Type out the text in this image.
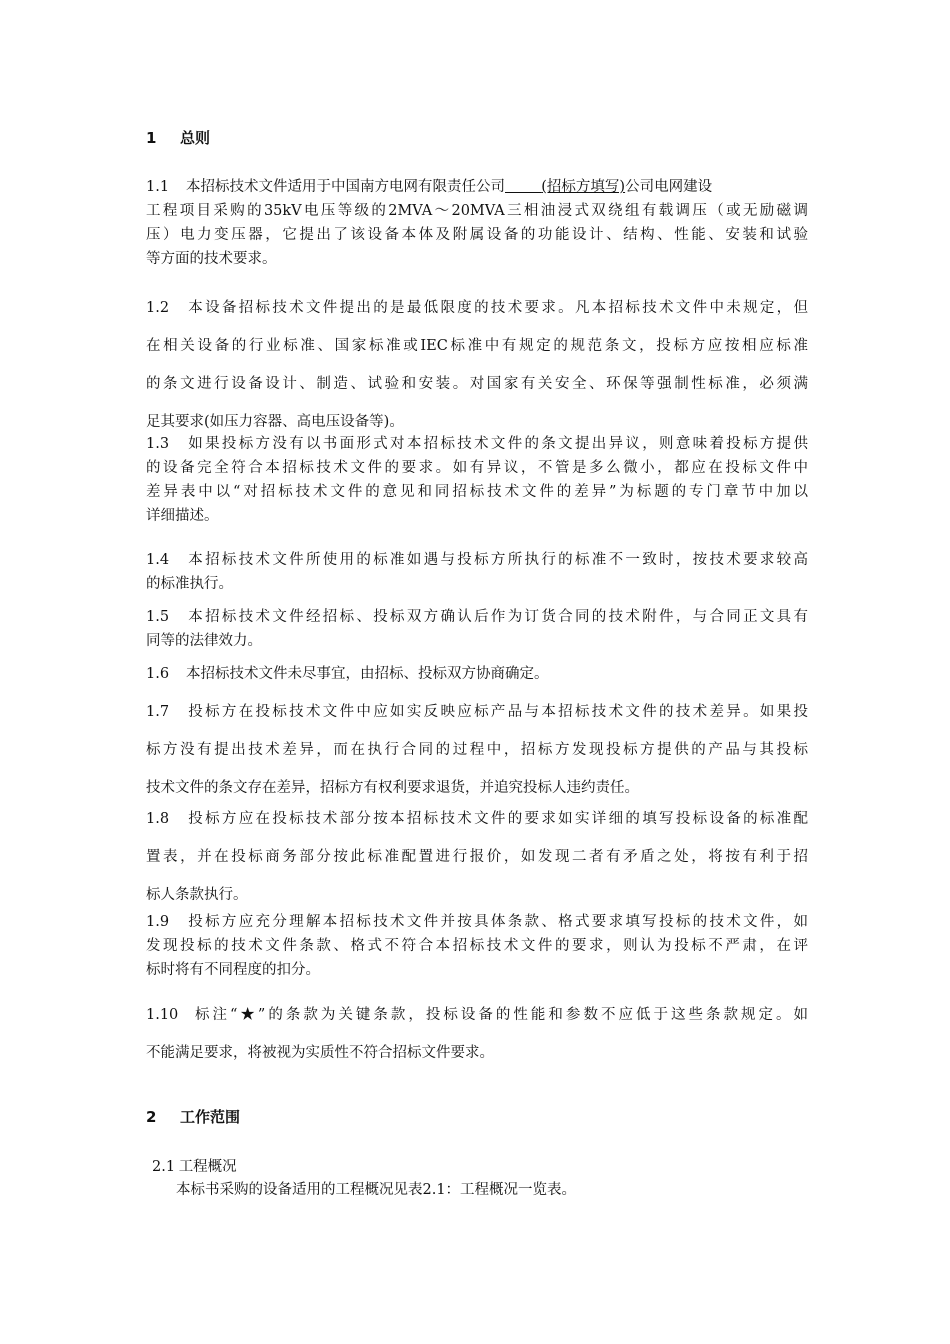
1 总则
1.1 本招标技术文件适用于中国南方电网有限责任公司     	(招标方填写)公司电网建设
工程项目采购的35kV电压等级的2MVA～20MVA三相油浸式双绕组有载调压（或无励磁调
压）电力变压器，它提出了该设备本体及附属设备的功能设计、结构、性能、安装和试验
等方面的技术要求。
1.2 本设备招标技术文件提出的是最低限度的技术要求。凡本招标技术文件中未规定，但
在相关设备的行业标准、国家标准或IEC标准中有规定的规范条文，投标方应按相应标准
的条文进行设备设计、制造、试验和安装。对国家有关安全、环保等强制性标准，必须满
足其要求(如压力容器、高电压设备等)。
1.3 如果投标方没有以书面形式对本招标技术文件的条文提出异议，则意味着投标方提供
的设备完全符合本招标技术文件的要求。如有异议，不管是多么微小，都应在投标文件中
差异表中以“对招标技术文件的意见和同招标技术文件的差异”为标题的专门章节中加以
详细描述。
1.4 本招标技术文件所使用的标准如遇与投标方所执行的标准不一致时，按技术要求较高
的标准执行。
1.5 本招标技术文件经招标、投标双方确认后作为订货合同的技术附件，与合同正文具有
同等的法律效力。
1.6 本招标技术文件未尽事宜，由招标、投标双方协商确定。
1.7 投标方在投标技术文件中应如实反映应标产品与本招标技术文件的技术差异。如果投
标方没有提出技术差异，而在执行合同的过程中，招标方发现投标方提供的产品与其投标
技术文件的条文存在差异，招标方有权利要求退货，并追究投标人违约责任。
1.8 投标方应在投标技术部分按本招标技术文件的要求如实详细的填写投标设备的标准配
置表，并在投标商务部分按此标准配置进行报价，如发现二者有矛盾之处，将按有利于招
标人条款执行。
1.9 投标方应充分理解本招标技术文件并按具体条款、格式要求填写投标的技术文件，如
发现投标的技术文件条款、格式不符合本招标技术文件的要求，则认为投标不严肃，在评
标时将有不同程度的扣分。
1.10 标注“★”的条款为关键条款，投标设备的性能和参数不应低于这些条款规定。如
不能满足要求，将被视为实质性不符合招标文件要求。
2 工作范围
2.1  工程概况
本标书采购的设备适用的工程概况见表2.1：工程概况一览表。
